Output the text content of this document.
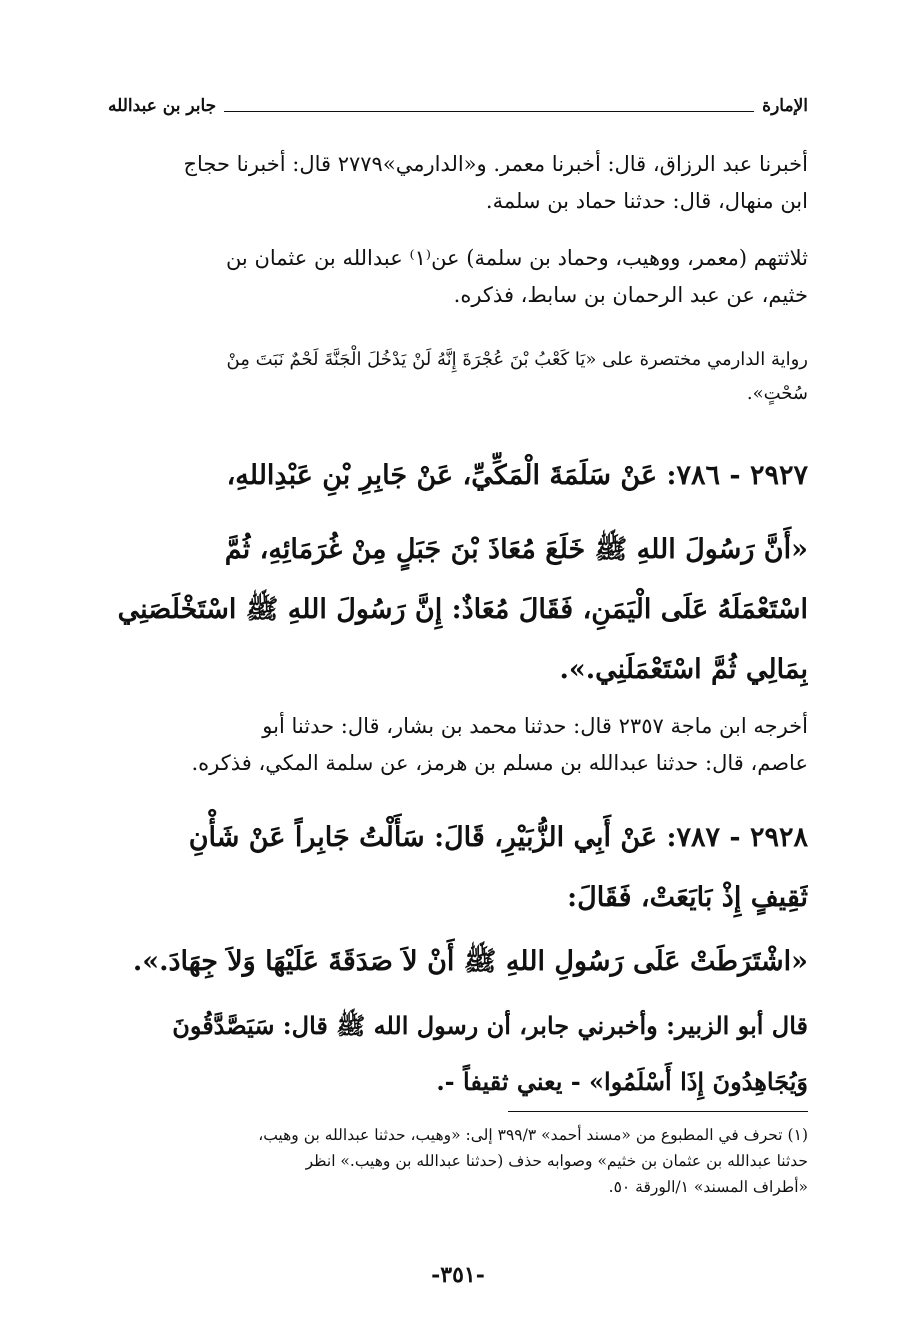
الإمارة
جابر بن عبدالله
أخبرنا عبد الرزاق، قال: أخبرنا معمر. و«الدارمي»٢٧٧٩ قال: أخبرنا حجاج
ابن منهال، قال: حدثنا حماد بن سلمة.
ثلاثتهم (معمر، ووهيب، وحماد بن سلمة) عن⁽١⁾ عبدالله بن عثمان بن
خثيم، عن عبد الرحمان بن سابط، فذكره.
رواية الدارمي مختصرة على «يَا كَعْبُ بْنَ عُجْرَةَ إِنَّهُ لَنْ يَدْخُلَ الْجَنَّةَ لَحْمٌ نَبَتَ مِنْ
سُحْتٍ».
٢٩٢٧ - ٧٨٦: عَنْ سَلَمَةَ الْمَكِّيِّ، عَنْ جَابِرِ بْنِ عَبْدِاللهِ،
«أَنَّ رَسُولَ اللهِ ﷺ خَلَعَ مُعَاذَ بْنَ جَبَلٍ مِنْ غُرَمَائِهِ، ثُمَّ
اسْتَعْمَلَهُ عَلَى الْيَمَنِ، فَقَالَ مُعَاذٌ: إِنَّ رَسُولَ اللهِ ﷺ اسْتَخْلَصَنِي
بِمَالِي ثُمَّ اسْتَعْمَلَنِي.».
أخرجه ابن ماجة ٢٣٥٧ قال: حدثنا محمد بن بشار، قال: حدثنا أبو
عاصم، قال: حدثنا عبدالله بن مسلم بن هرمز، عن سلمة المكي، فذكره.
٢٩٢٨ - ٧٨٧: عَنْ أَبِي الزُّبَيْرِ، قَالَ: سَأَلْتُ جَابِراً عَنْ شَأْنِ
ثَقِيفٍ إِذْ بَايَعَتْ، فَقَالَ:
«اشْتَرَطَتْ عَلَى رَسُولِ اللهِ ﷺ أَنْ لاَ صَدَقَةَ عَلَيْهَا وَلاَ جِهَادَ.».
قال أبو الزبير: وأخبرني جابر، أن رسول الله ﷺ قال: سَيَصَّدَّقُونَ
وَيُجَاهِدُونَ إِذَا أَسْلَمُوا» - يعني ثقيفاً -.
(١) تحرف في المطبوع من «مسند أحمد» ٣٩٩/٣ إلى: «وهيب، حدثنا عبدالله بن وهيب،
حدثنا عبدالله بن عثمان بن خثيم» وصوابه حذف (حدثنا عبدالله بن وهيب.» انظر
«أطراف المسند» ١/الورقة ٥٠.
-٣٥١-
